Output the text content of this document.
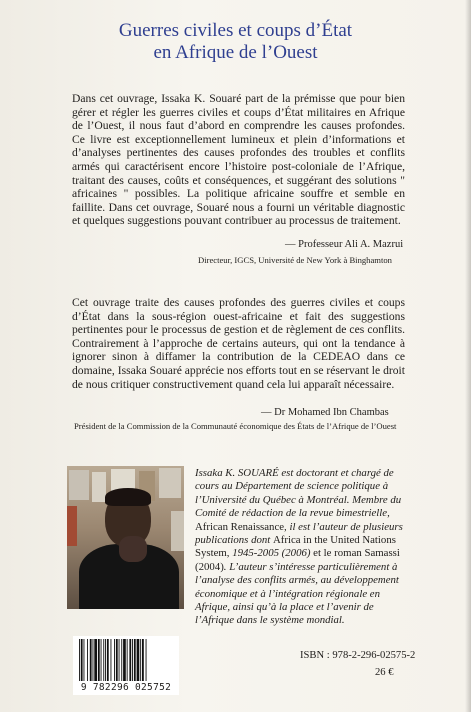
Guerres civiles et coups d’État
en Afrique de l’Ouest

Dans cet ouvrage, Issaka K. Souaré part de la prémisse que pour bien gérer et régler les guerres civiles et coups d’État militaires en Afrique de l’Ouest, il nous faut d’abord en comprendre les causes profondes. Ce livre est exceptionnellement lumineux et plein d’informations et d’analyses pertinentes des causes profondes des troubles et conflits armés qui caractérisent encore l’histoire post-coloniale de l’Afrique, traitant des causes, coûts et conséquences, et suggérant des solutions " africaines " possibles. La politique africaine souffre et semble en faillite. Dans cet ouvrage, Souaré nous a fourni un véritable diagnostic et quelques suggestions pouvant contribuer au processus de traitement.

— Professeur Ali A. Mazrui
Directeur, IGCS, Université de New York à Binghamton

Cet ouvrage traite des causes profondes des guerres civiles et coups d’État dans la sous-région ouest-africaine et fait des suggestions pertinentes pour le processus de gestion et de règlement de ces conflits. Contrairement à l’approche de certains auteurs, qui ont la tendance à ignorer sinon à diffamer la contribution de la CEDEAO dans ce domaine, Issaka Souaré apprécie nos efforts tout en se réservant le droit de nous critiquer constructivement quand cela lui apparaît nécessaire.

— Dr Mohamed Ibn Chambas
Président de la Commission de la Communauté économique des États de l’Afrique de l’Ouest

Issaka K. SOUARÉ est doctorant et chargé de cours au Département de science politique à l’Université du Québec à Montréal. Membre du Comité de rédaction de la revue bimestrielle, African Renaissance, il est l’auteur de plusieurs publications dont Africa in the United Nations System, 1945-2005 (2006) et le roman Samassi (2004). L’auteur s’intéresse particulièrement à l’analyse des conflits armés, au développement économique et à l’intégration régionale en Afrique, ainsi qu’à la place et l’avenir de l’Afrique dans le système mondial.

9 782296 025752
ISBN : 978-2-296-02575-2
26 €
